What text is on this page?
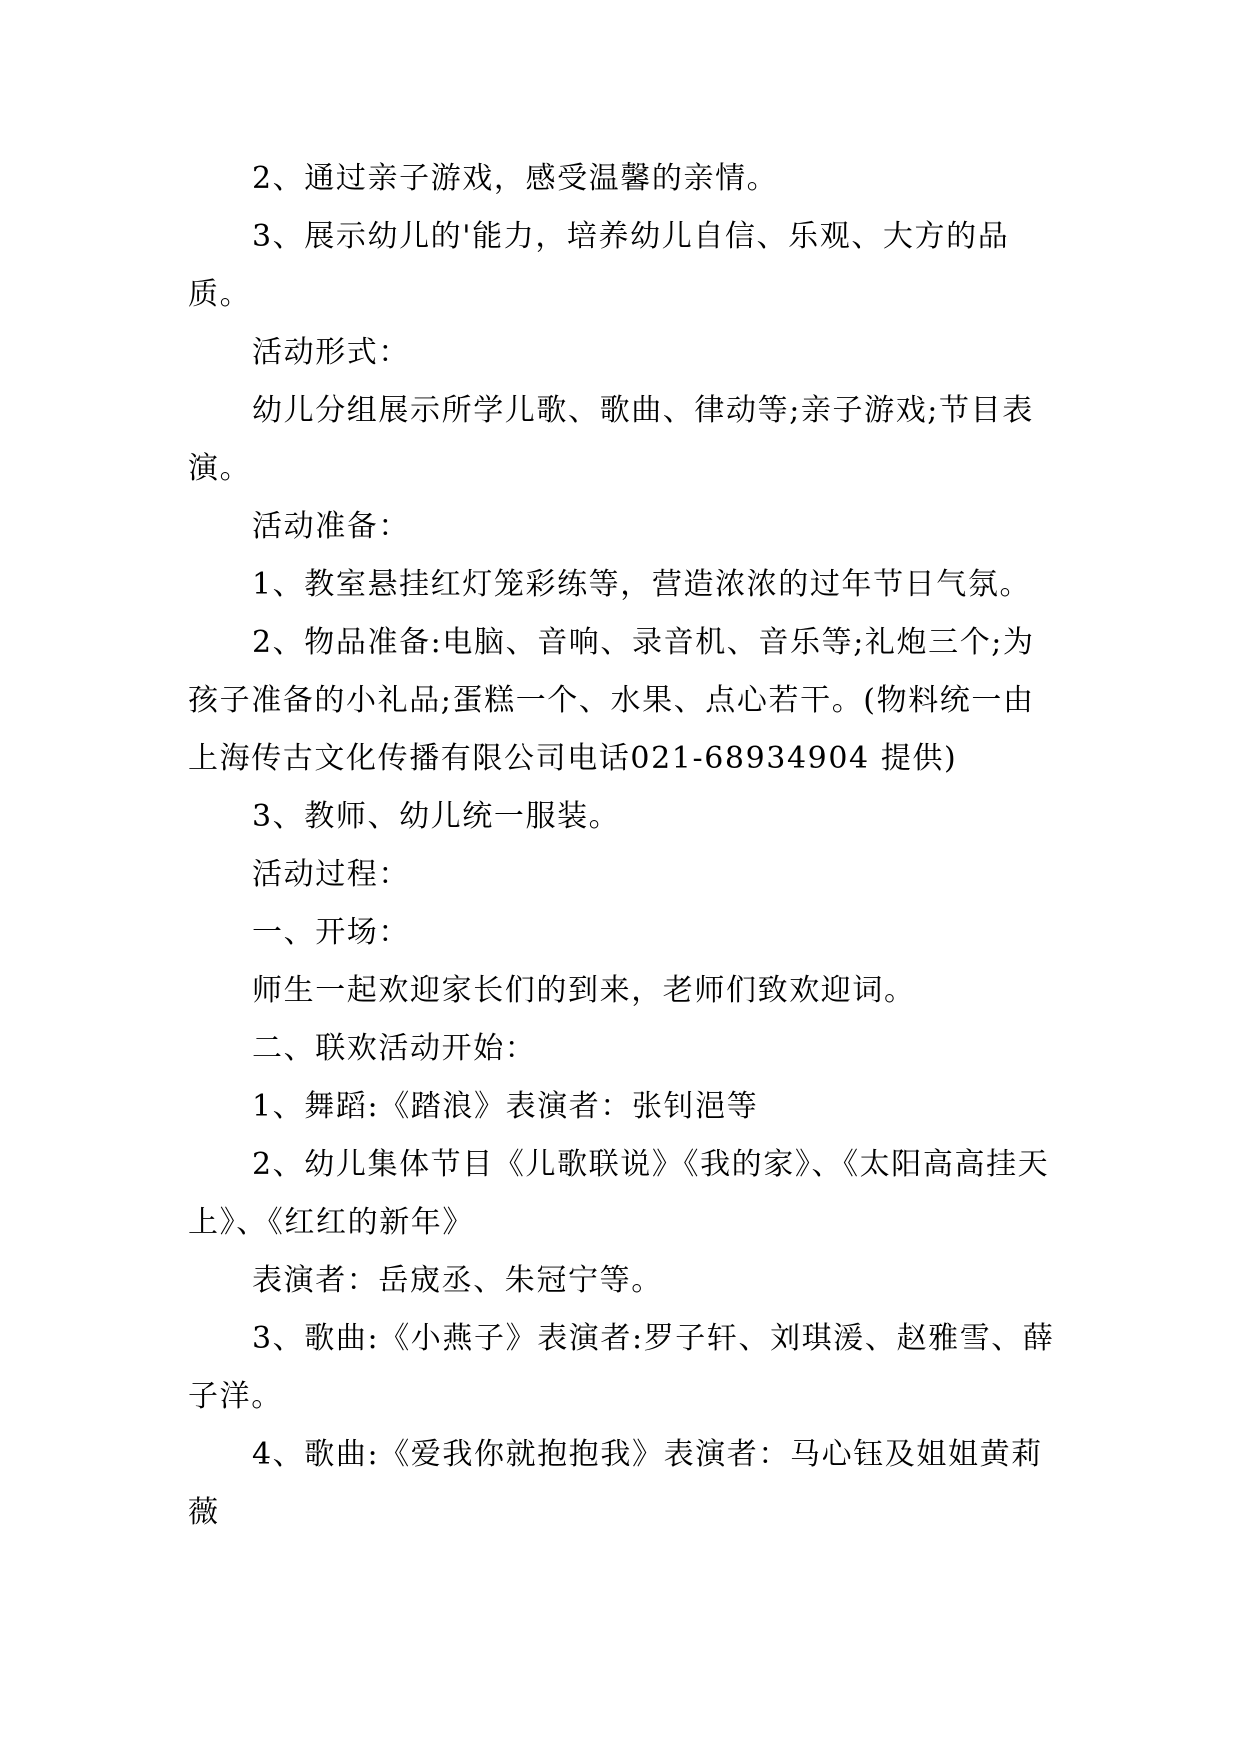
2、通过亲子游戏，感受温馨的亲情。

3、展示幼儿的'能力，培养幼儿自信、乐观、大方的品质。

活动形式：

幼儿分组展示所学儿歌、歌曲、律动等;亲子游戏;节目表演。

活动准备：

1、教室悬挂红灯笼彩练等，营造浓浓的过年节日气氛。

2、物品准备:电脑、音响、录音机、音乐等;礼炮三个;为孩子准备的小礼品;蛋糕一个、水果、点心若干。(物料统一由上海传古文化传播有限公司电话021-68934904 提供)

3、教师、幼儿统一服装。

活动过程：

一、开场：

师生一起欢迎家长们的到来，老师们致欢迎词。

二、联欢活动开始：

1、舞蹈:《踏浪》表演者：张钊浥等

2、幼儿集体节目《儿歌联说》《我的家》、《太阳高高挂天上》、《红红的新年》

表演者：岳宬丞、朱冠宁等。

3、歌曲:《小燕子》表演者:罗子轩、刘琪湲、赵雅雪、薛子洋。

4、歌曲:《爱我你就抱抱我》表演者：马心钰及姐姐黄莉薇
